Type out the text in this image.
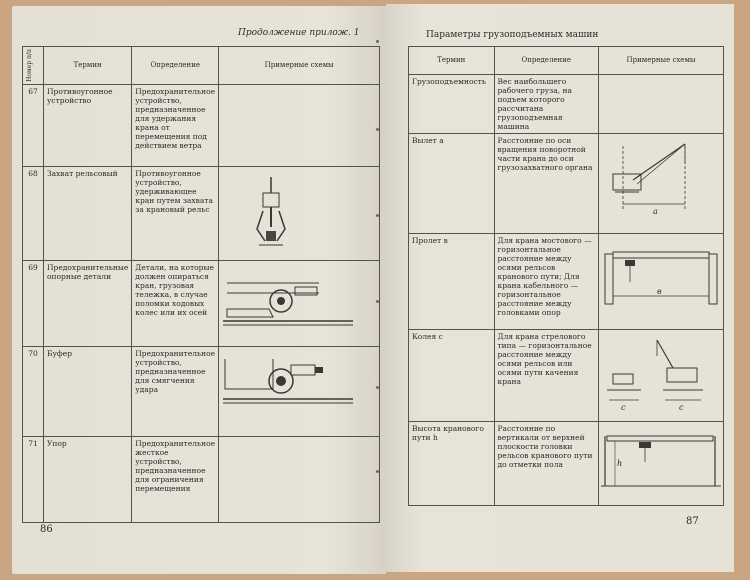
Продолжение прилож. 1
Номер п/п	Термин	Определение	Примерные схемы
67	Противоугонное устройство	Предохранительное устройство, предназначенное для удержания крана от перемещения под действием ветра	
68	Захват рельсовый	Противоугонное устройство, удерживающее кран путем захвата за крановый рельс	

69	Предохранительные опорные детали	Детали, на которые должен опираться кран, грузовая тележка, в случае поломки ходовых колес или их осей	

70	Буфер	Предохранительное устройство, предназначенное для смягчения удара	

71	Упор	Предохранительное жесткое устройство, предназначенное для ограничения перемещения	
86
Параметры грузоподъемных машин
Термин	Определение	Примерные схемы
Грузоподъемность	Вес наибольшего рабочего груза, на подъем которого рассчитана грузоподъемная машина	
Вылет а	Расстояние по оси вращения поворотной части крана до оси грузозахватного органа	а

Пролет в	Для крана мостового — горизонтальное расстояние между осями рельсов кранового пути; Для крана кабельного — горизонтальное расстояние между головками опор	в

Колея с	Для крана стрелового типа — горизонтальное расстояние между осями рельсов или осями пути качения крана	с с

Высота кранового пути h	Расстояние по вертикали от верхней плоскости головки рельсов кранового пути до отметки пола	h
87
